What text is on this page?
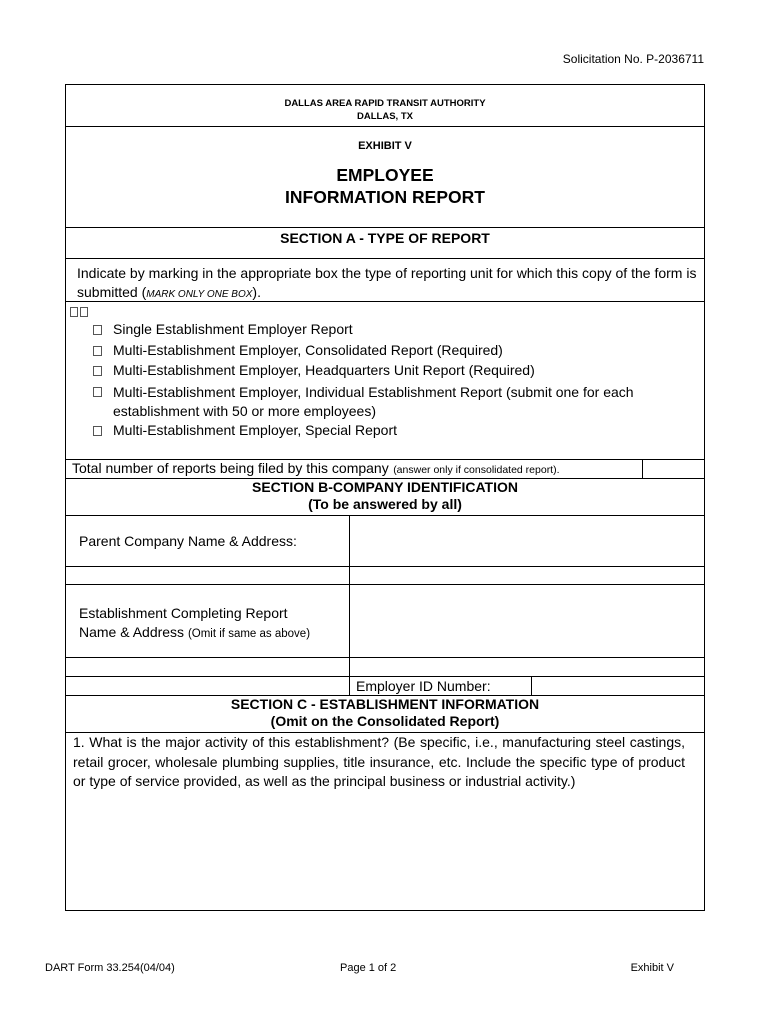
Solicitation No. P-2036711
DALLAS AREA RAPID TRANSIT AUTHORITY
DALLAS, TX
EXHIBIT V
EMPLOYEE
INFORMATION REPORT
SECTION A - TYPE OF REPORT
Indicate by marking in the appropriate box the type of reporting unit for which this copy of the form is submitted (MARK ONLY ONE BOX).
Single Establishment Employer Report
Multi-Establishment Employer, Consolidated Report (Required)
Multi-Establishment Employer, Headquarters Unit Report (Required)
Multi-Establishment Employer, Individual Establishment Report (submit one for each establishment with 50 or more employees)
Multi-Establishment Employer, Special Report
Total number of reports being filed by this company (answer only if consolidated report).
SECTION B-COMPANY IDENTIFICATION
(To be answered by all)
Parent Company Name & Address:
Establishment Completing Report
Name & Address (Omit if same as above)
Employer ID Number:
SECTION C - ESTABLISHMENT INFORMATION
(Omit on the Consolidated Report)
1. What is the major activity of this establishment? (Be specific, i.e., manufacturing steel castings, retail grocer, wholesale plumbing supplies, title insurance, etc. Include the specific type of product or type of service provided, as well as the principal business or industrial activity.)
DART Form 33.254(04/04)	Page 1 of 2	Exhibit V
